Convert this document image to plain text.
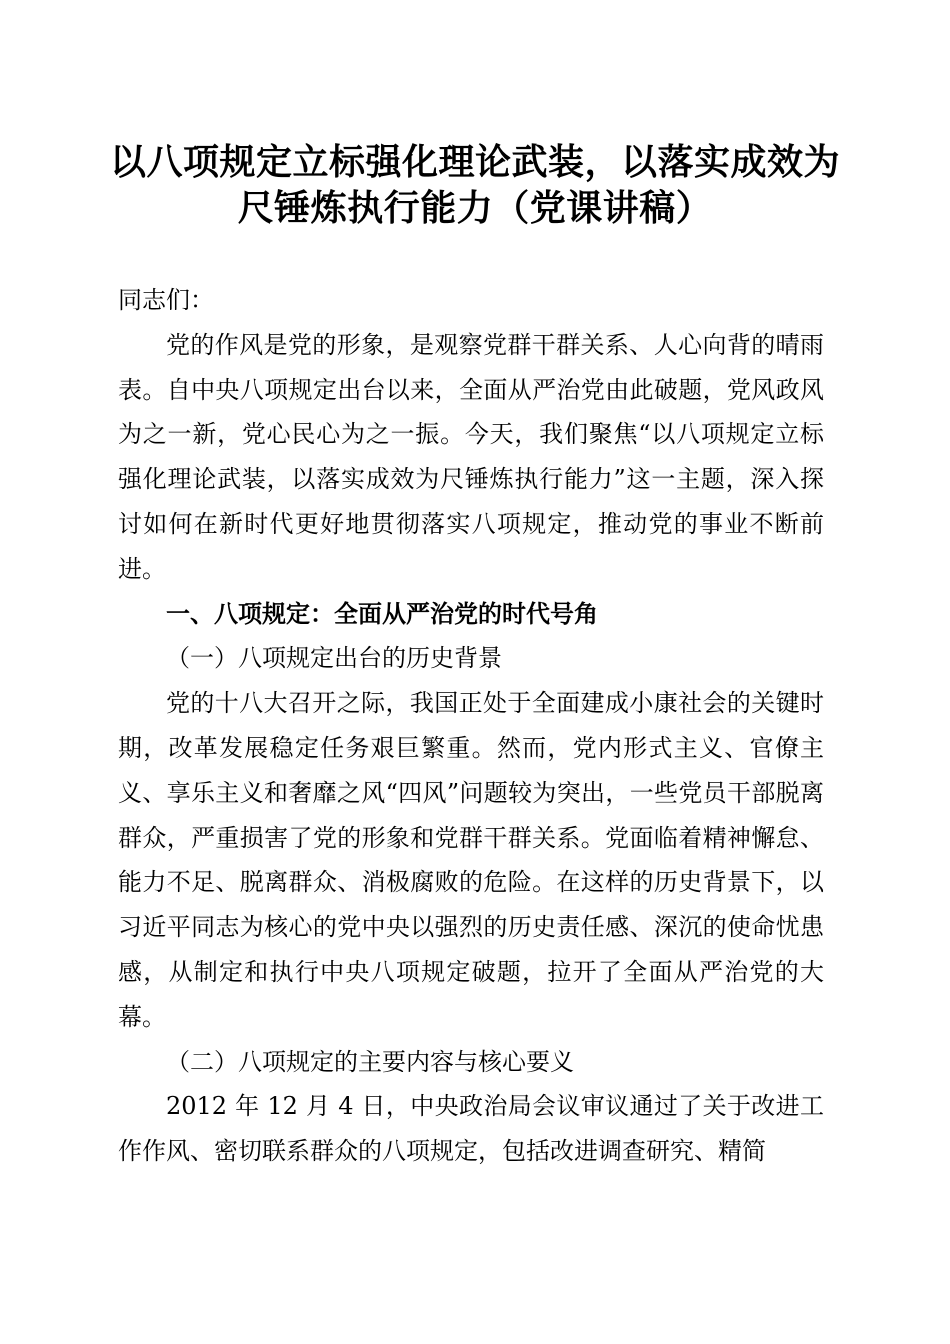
以八项规定立标强化理论武装，以落实成效为
尺锤炼执行能力（党课讲稿）

同志们：

党的作风是党的形象，是观察党群干群关系、人心向背的晴雨表。自中央八项规定出台以来，全面从严治党由此破题，党风政风为之一新，党心民心为之一振。今天，我们聚焦“以八项规定立标强化理论武装，以落实成效为尺锤炼执行能力”这一主题，深入探讨如何在新时代更好地贯彻落实八项规定，推动党的事业不断前进。

一、八项规定：全面从严治党的时代号角

（一）八项规定出台的历史背景

党的十八大召开之际，我国正处于全面建成小康社会的关键时期，改革发展稳定任务艰巨繁重。然而，党内形式主义、官僚主义、享乐主义和奢靡之风“四风”问题较为突出，一些党员干部脱离群众，严重损害了党的形象和党群干群关系。党面临着精神懈怠、能力不足、脱离群众、消极腐败的危险。在这样的历史背景下，以习近平同志为核心的党中央以强烈的历史责任感、深沉的使命忧患感，从制定和执行中央八项规定破题，拉开了全面从严治党的大幕。

（二）八项规定的主要内容与核心要义

2012 年 12 月 4 日，中央政治局会议审议通过了关于改进工作作风、密切联系群众的八项规定，包括改进调查研究、精简
